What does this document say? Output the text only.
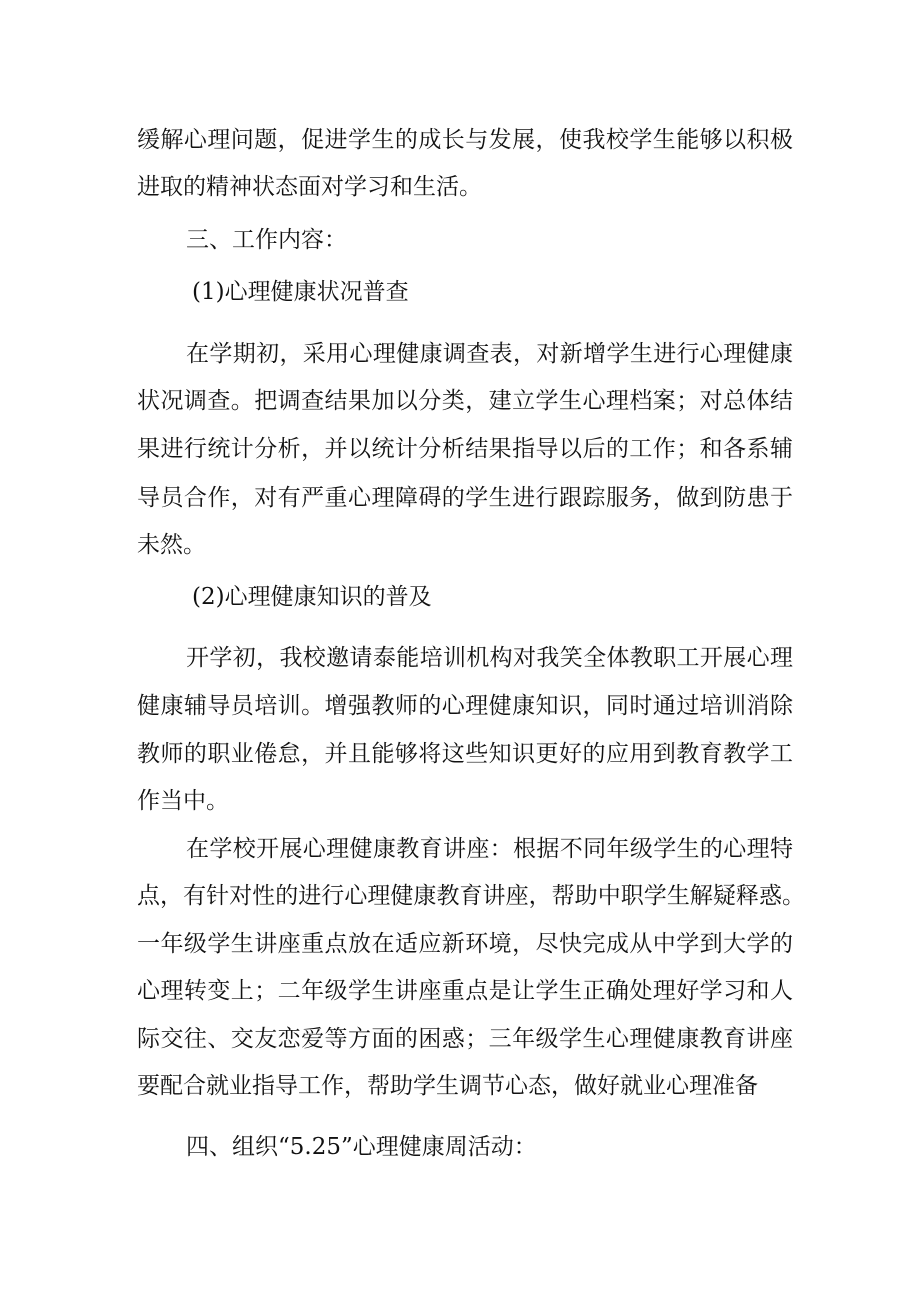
缓解心理问题，促进学生的成长与发展，使我校学生能够以积极
进取的精神状态面对学习和生活。
三、工作内容：
(1)心理健康状况普查
在学期初，采用心理健康调查表，对新增学生进行心理健康
状况调查。把调查结果加以分类，建立学生心理档案；对总体结
果进行统计分析，并以统计分析结果指导以后的工作；和各系辅
导员合作，对有严重心理障碍的学生进行跟踪服务，做到防患于
未然。
(2)心理健康知识的普及
开学初，我校邀请泰能培训机构对我笑全体教职工开展心理
健康辅导员培训。增强教师的心理健康知识，同时通过培训消除
教师的职业倦怠，并且能够将这些知识更好的应用到教育教学工
作当中。
在学校开展心理健康教育讲座：根据不同年级学生的心理特
点，有针对性的进行心理健康教育讲座，帮助中职学生解疑释惑。
一年级学生讲座重点放在适应新环境，尽快完成从中学到大学的
心理转变上；二年级学生讲座重点是让学生正确处理好学习和人
际交往、交友恋爱等方面的困惑；三年级学生心理健康教育讲座
要配合就业指导工作，帮助学生调节心态，做好就业心理准备
四、组织“5.25”心理健康周活动：
